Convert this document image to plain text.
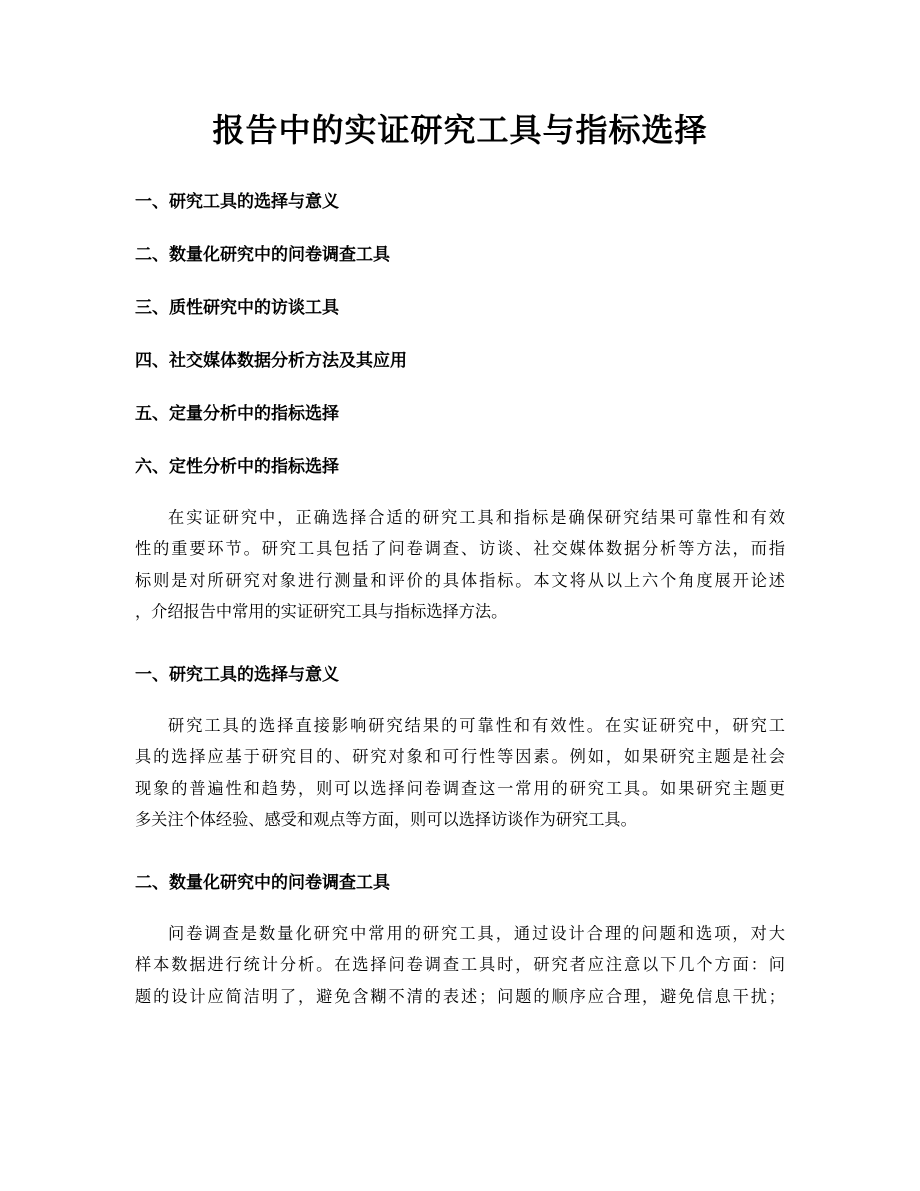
报告中的实证研究工具与指标选择
一、研究工具的选择与意义
二、数量化研究中的问卷调查工具
三、质性研究中的访谈工具
四、社交媒体数据分析方法及其应用
五、定量分析中的指标选择
六、定性分析中的指标选择
在实证研究中，正确选择合适的研究工具和指标是确保研究结果可靠性和有效
性的重要环节。研究工具包括了问卷调查、访谈、社交媒体数据分析等方法，而指
标则是对所研究对象进行测量和评价的具体指标。本文将从以上六个角度展开论述
，介绍报告中常用的实证研究工具与指标选择方法。
一、研究工具的选择与意义
研究工具的选择直接影响研究结果的可靠性和有效性。在实证研究中，研究工
具的选择应基于研究目的、研究对象和可行性等因素。例如，如果研究主题是社会
现象的普遍性和趋势，则可以选择问卷调查这一常用的研究工具。如果研究主题更
多关注个体经验、感受和观点等方面，则可以选择访谈作为研究工具。
二、数量化研究中的问卷调查工具
问卷调查是数量化研究中常用的研究工具，通过设计合理的问题和选项，对大
样本数据进行统计分析。在选择问卷调查工具时，研究者应注意以下几个方面：问
题的设计应简洁明了，避免含糊不清的表述；问题的顺序应合理，避免信息干扰；
